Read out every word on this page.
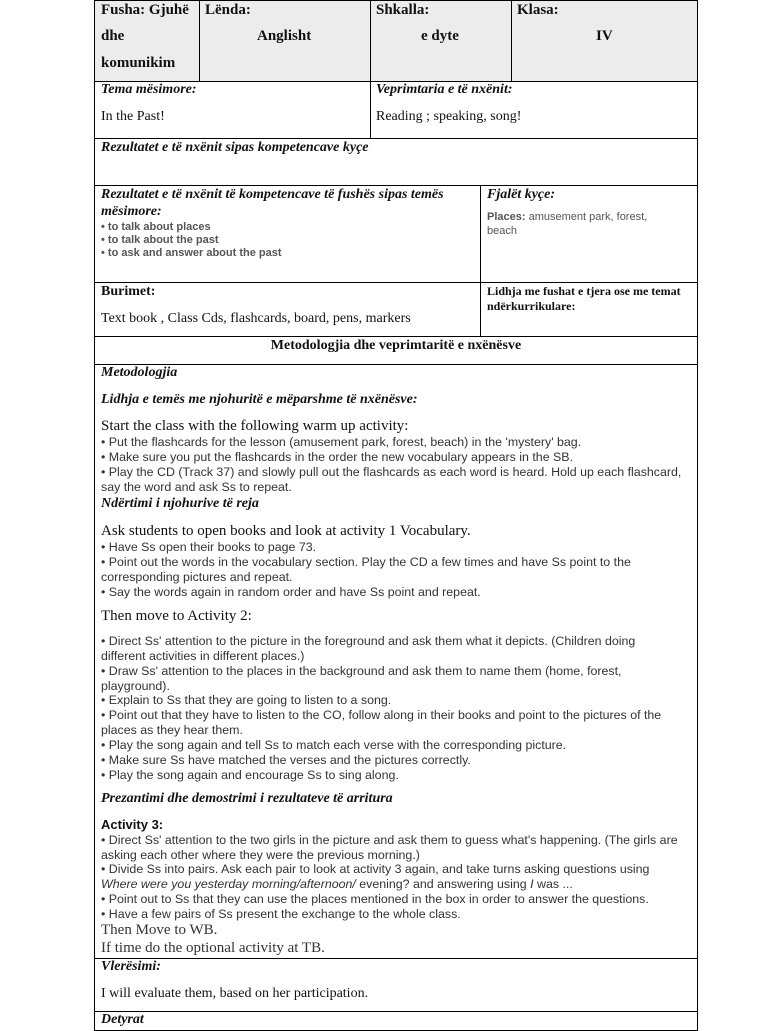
Fusha: Gjuhë

dhe

komunikim

Lënda:

Anglisht

Shkalla:

e dyte

Klasa:

IV

Tema mësimore:

In the Past!

Veprimtaria e të nxënit:

Reading ; speaking, song!

Rezultatet e të nxënit sipas kompetencave kyçe

Rezultatet e të nxënit të kompetencave të fushës sipas temës

mësimore:

• to talk about places

• to talk about the past

• to ask and answer about the past

Fjalët kyçe:

Places: amusement park, forest,

beach

Burimet:

Text book , Class Cds, flashcards, board, pens, markers

Lidhja me fushat e tjera ose me temat

ndërkurrikulare:

Metodologjia dhe veprimtaritë e nxënësve

Metodologjia

Lidhja e temës me njohuritë e mëparshme të nxënësve:

Start the class with the following warm up activity:

• Put the flashcards for the lesson (amusement park, forest, beach) in the 'mystery' bag.

• Make sure you put the flashcards in the order the new vocabulary appears in the SB.

• Play the CD (Track 37) and slowly pull out the flashcards as each word is heard. Hold up each flashcard,

say the word and ask Ss to repeat.

Ndërtimi i njohurive të reja

Ask students to open books and look at activity 1 Vocabulary.

• Have Ss open their books to page 73.

• Point out the words in the vocabulary section. Play the CD a few times and have Ss point to the

corresponding pictures and repeat.

• Say the words again in random order and have Ss point and repeat.

Then move to Activity 2:

• Direct Ss' attention to the picture in the foreground and ask them what it depicts. (Children doing

different activities in different places.)

• Draw Ss' attention to the places in the background and ask them to name them (home, forest,

playground).

• Explain to Ss that they are going to listen to a song.

• Point out that they have to listen to the CO, follow along in their books and point to the pictures of the

places as they hear them.

• Play the song again and tell Ss to match each verse with the corresponding picture.

• Make sure Ss have matched the verses and the pictures correctly.

• Play the song again and encourage Ss to sing along.

Prezantimi dhe demostrimi i rezultateve të arritura

Activity 3:

• Direct Ss' attention to the two girls in the picture and ask them to guess what's happening. (The girls are

asking each other where they were the previous morning.)

• Divide Ss into pairs. Ask each pair to look at activity 3 again, and take turns asking questions using

Where were you yesterday morning/afternoon/ evening? and answering using I was ...

• Point out to Ss that they can use the places mentioned in the box in order to answer the questions.

• Have a few pairs of Ss present the exchange to the whole class.

Then Move to WB.

If time do the optional activity at TB.

Vlerësimi:

I will evaluate them, based on her participation.

Detyrat
